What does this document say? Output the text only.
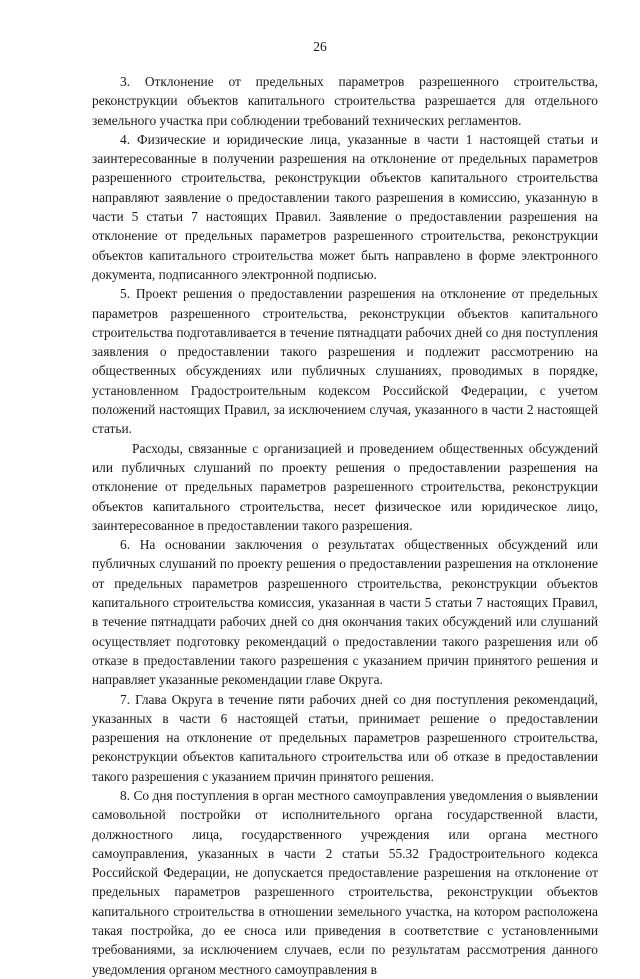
26

3. Отклонение от предельных параметров разрешенного строительства, реконструкции объектов капитального строительства разрешается для отдельного земельного участка при соблюдении требований технических регламентов.

4. Физические и юридические лица, указанные в части 1 настоящей статьи и заинтересованные в получении разрешения на отклонение от предельных параметров разрешенного строительства, реконструкции объектов капитального строительства направляют заявление о предоставлении такого разрешения в комиссию, указанную в части 5 статьи 7 настоящих Правил. Заявление о предоставлении разрешения на отклонение от предельных параметров разрешенного строительства, реконструкции объектов капитального строительства может быть направлено в форме электронного документа, подписанного электронной подписью.

5. Проект решения о предоставлении разрешения на отклонение от предельных параметров разрешенного строительства, реконструкции объектов капитального строительства подготавливается в течение пятнадцати рабочих дней со дня поступления заявления о предоставлении такого разрешения и подлежит рассмотрению на общественных обсуждениях или публичных слушаниях, проводимых в порядке, установленном Градостроительным кодексом Российской Федерации, с учетом положений настоящих Правил, за исключением случая, указанного в части 2 настоящей статьи.

Расходы, связанные с организацией и проведением общественных обсуждений или публичных слушаний по проекту решения о предоставлении разрешения на отклонение от предельных параметров разрешенного строительства, реконструкции объектов капитального строительства, несет физическое или юридическое лицо, заинтересованное в предоставлении такого разрешения.

6. На основании заключения о результатах общественных обсуждений или публичных слушаний по проекту решения о предоставлении разрешения на отклонение от предельных параметров разрешенного строительства, реконструкции объектов капитального строительства комиссия, указанная в части 5 статьи 7 настоящих Правил, в течение пятнадцати рабочих дней со дня окончания таких обсуждений или слушаний осуществляет подготовку рекомендаций о предоставлении такого разрешения или об отказе в предоставлении такого разрешения с указанием причин принятого решения и направляет указанные рекомендации главе Округа.

7. Глава Округа в течение пяти рабочих дней со дня поступления рекомендаций, указанных в части 6 настоящей статьи, принимает решение о предоставлении разрешения на отклонение от предельных параметров разрешенного строительства, реконструкции объектов капитального строительства или об отказе в предоставлении такого разрешения с указанием причин принятого решения.

8. Со дня поступления в орган местного самоуправления уведомления о выявлении самовольной постройки от исполнительного органа государственной власти, должностного лица, государственного учреждения или органа местного самоуправления, указанных в части 2 статьи 55.32 Градостроительного кодекса Российской Федерации, не допускается предоставление разрешения на отклонение от предельных параметров разрешенного строительства, реконструкции объектов капитального строительства в отношении земельного участка, на котором расположена такая постройка, до ее сноса или приведения в соответствие с установленными требованиями, за исключением случаев, если по результатам рассмотрения данного уведомления органом местного самоуправления в
